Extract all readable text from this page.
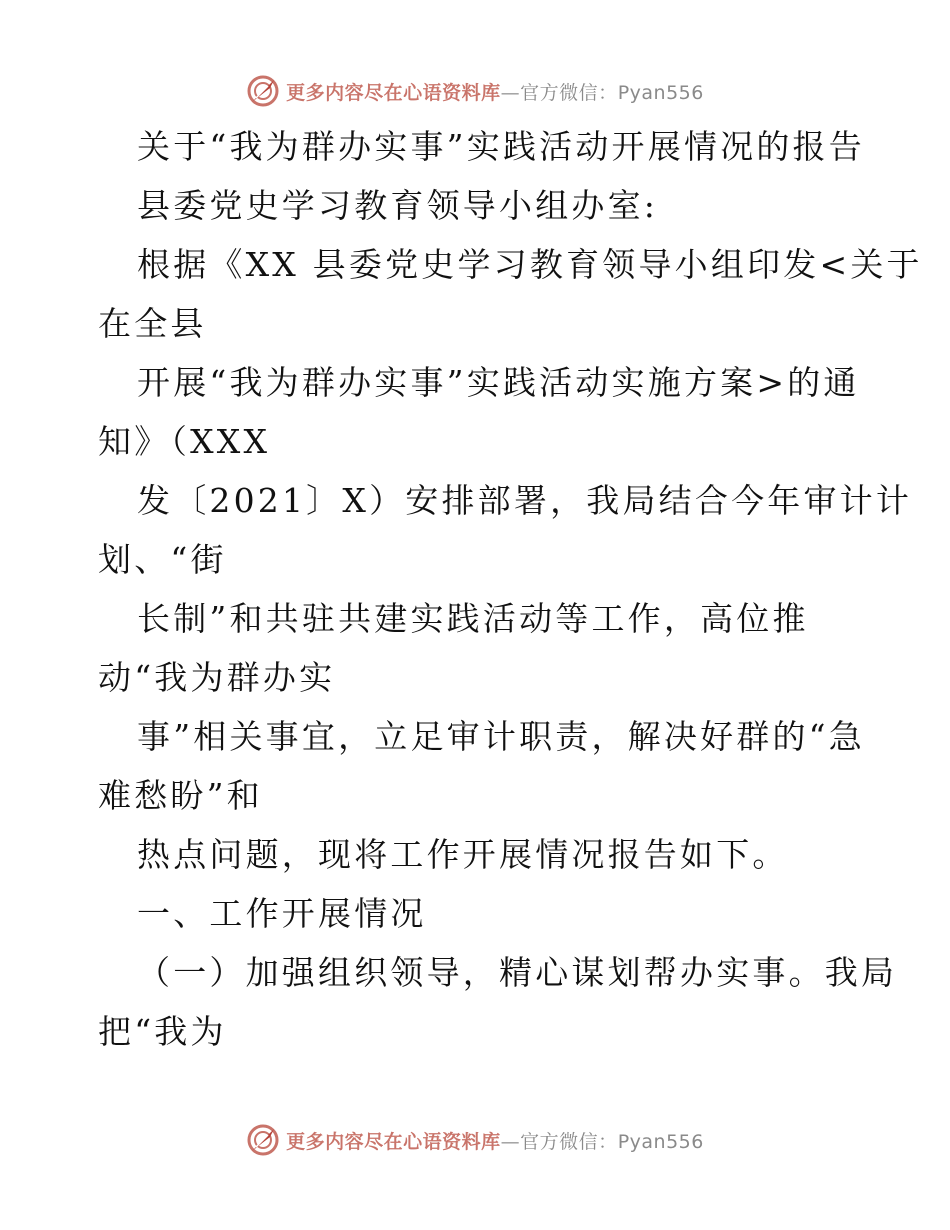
更多内容尽在心语资料库—官方微信：Pyan556
关于“我为群办实事”实践活动开展情况的报告
县委党史学习教育领导小组办室:
根据《XX 县委党史学习教育领导小组印发<关于
在全县
开展“我为群办实事”实践活动实施方案>的通
知》（XXX
发〔2021〕X）安排部署，我局结合今年审计计
划、“街
长制”和共驻共建实践活动等工作，高位推
动“我为群办实
事”相关事宜，立足审计职责，解决好群的“急
难愁盼”和
热点问题，现将工作开展情况报告如下。
一、工作开展情况
（一）加强组织领导，精心谋划帮办实事。我局
把“我为
更多内容尽在心语资料库—官方微信：Pyan556
